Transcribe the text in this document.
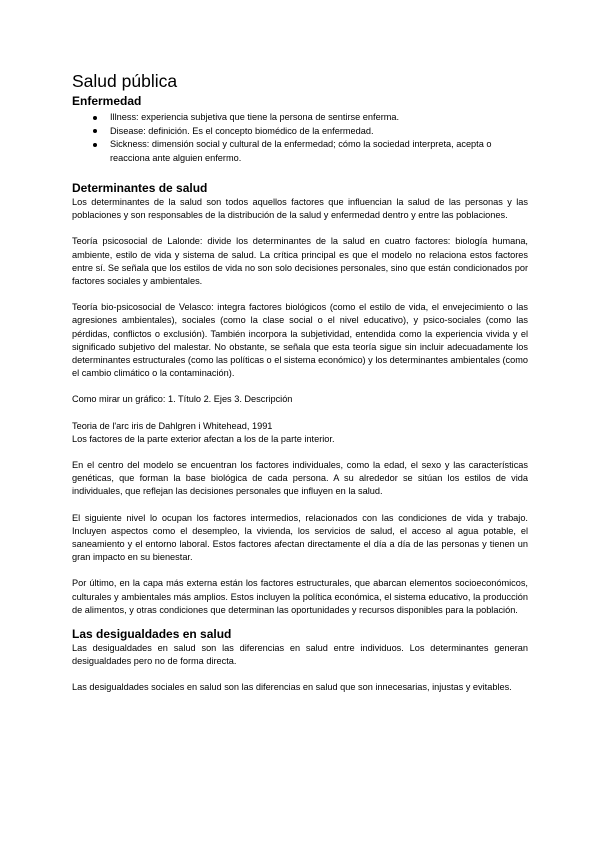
Salud pública
Enfermedad
Illness: experiencia subjetiva que tiene la persona de sentirse enferma.
Disease: definición. Es el concepto biomédico de la enfermedad.
Sickness: dimensión social y cultural de la enfermedad; cómo la sociedad interpreta, acepta o reacciona ante alguien enfermo.
Determinantes de salud

Los determinantes de la salud son todos aquellos factores que influencian la salud de las personas y las poblaciones y son responsables de la distribución de la salud y enfermedad dentro y entre las poblaciones.

Teoría psicosocial de Lalonde: divide los determinantes de la salud en cuatro factores: biología humana, ambiente, estilo de vida y sistema de salud. La crítica principal es que el modelo no relaciona estos factores entre sí. Se señala que los estilos de vida no son solo decisiones personales, sino que están condicionados por factores sociales y ambientales.

Teoría bio-psicosocial de Velasco: integra factores biológicos (como el estilo de vida, el envejecimiento o las agresiones ambientales), sociales (como la clase social o el nivel educativo), y psico-sociales (como las pérdidas, conflictos o exclusión). También incorpora la subjetividad, entendida como la experiencia vivida y el significado subjetivo del malestar. No obstante, se señala que esta teoría sigue sin incluir adecuadamente los determinantes estructurales (como las políticas o el sistema económico) y los determinantes ambientales (como el cambio climático o la contaminación).

Como mirar un gráfico: 1. Título 2. Ejes 3. Descripción

Teoria de l'arc iris de Dahlgren i Whitehead, 1991

Los factores de la parte exterior afectan a los de la parte interior.

En el centro del modelo se encuentran los factores individuales, como la edad, el sexo y las características genéticas, que forman la base biológica de cada persona. A su alrededor se sitúan los estilos de vida individuales, que reflejan las decisiones personales que influyen en la salud.

El siguiente nivel lo ocupan los factores intermedios, relacionados con las condiciones de vida y trabajo. Incluyen aspectos como el desempleo, la vivienda, los servicios de salud, el acceso al agua potable, el saneamiento y el entorno laboral. Estos factores afectan directamente el día a día de las personas y tienen un gran impacto en su bienestar.

Por último, en la capa más externa están los factores estructurales, que abarcan elementos socioeconómicos, culturales y ambientales más amplios. Estos incluyen la política económica, el sistema educativo, la producción de alimentos, y otras condiciones que determinan las oportunidades y recursos disponibles para la población.

Las desigualdades en salud

Las desigualdades en salud son las diferencias en salud entre individuos. Los determinantes generan desigualdades pero no de forma directa.

Las desigualdades sociales en salud son las diferencias en salud que son innecesarias, injustas y evitables.
